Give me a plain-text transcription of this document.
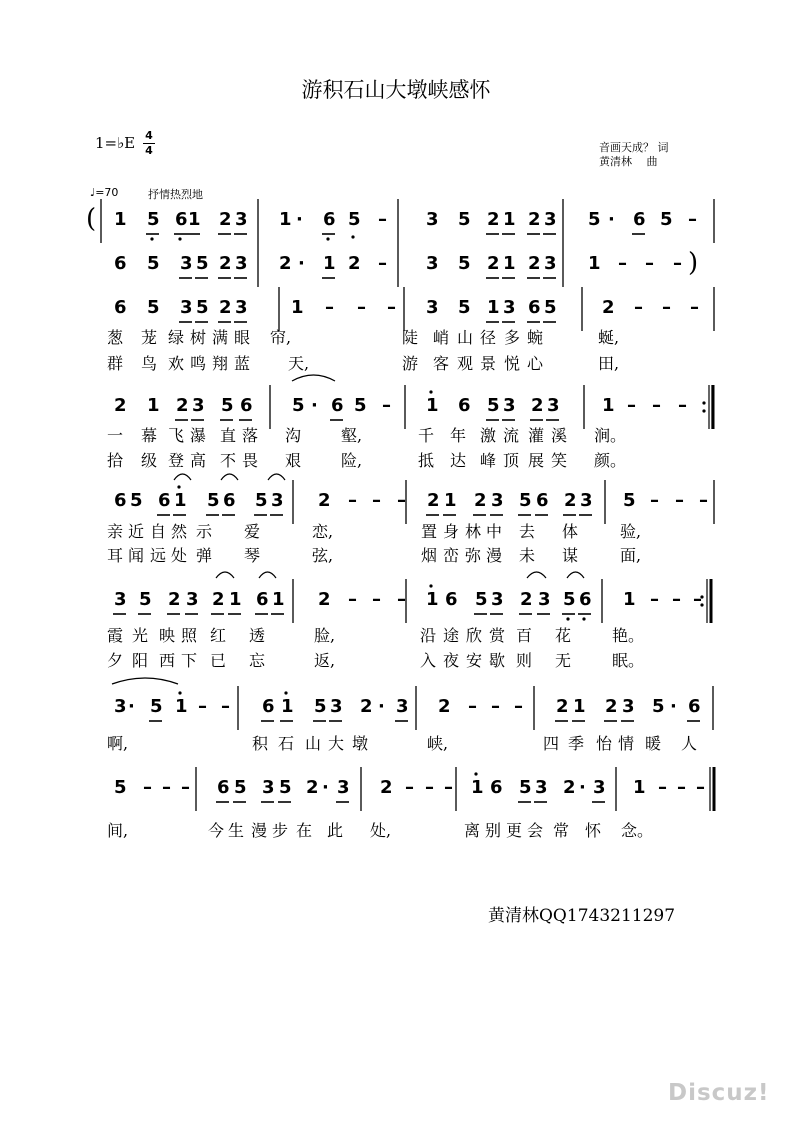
游积石山大墩峡感怀
1=♭E 4
4	音画天成？ 词
黄清林　 曲
♩=70	抒情热烈地
(
)
1 5 6 1 2 3 1 · 6 5 – 3 5 2 1 2 3 5 · 6 5 –
6 5 3 5 2 3 2 · 1 2 – 3 5 2 1 2 3 1 – – –
6 5 3 5 2 3 1 – – – 3 5 1 3 6 5	2 – – –
葱 茏 绿 树 满 眼 帘,	陡 峭 山 径 多 蜿	蜒,
群 鸟 欢 鸣 翔 蓝 天,	游 客 观 景 悦 心	田,
2 1 2 3 5 6 5 · 6 5 – 1 6 5 3 2 3 1 – – –
一 幕 飞 瀑 直 落 沟 壑,	千 年 激 流 灌 溪 涧。
拾 级 登 高 不 畏 艰 险,	抵 达 峰 顶 展 笑 颜。
6 5 6 1 5 6 5 3 2 – – – 2 1 2 3 5 6 2 3 5 – – –
亲 近 自 然 示 爱	恋,	置 身 林 中 去 体	验,
耳 闻 远 处 弹 琴	弦,	烟 峦 弥 漫 未 谋	面,
3 5 2 3 2 1 6 1 2 – – – 1 6 5 3 2 3 5 6 1 – – –
霞 光 映 照 红 透	脸,	沿 途 欣 赏 百 花	艳。
夕 阳 西 下 已 忘	返,	入 夜 安 歇 则 无	眠。
3 · 5 1 – – 6 1 5 3 2 · 3 2 – – – 2 1 2 3 5 · 6
啊,	积 石 山 大 墩	峡,	四 季 怡 情 暖 人
5 – – – 6 5 3 5 2 · 3 2 – – – 1 6 5 3 2 · 3 1 – – –
间,	今 生 漫 步 在 此 处,	离 别 更 会 常 怀 念。
黄清林QQ1743211297
Discuz!
